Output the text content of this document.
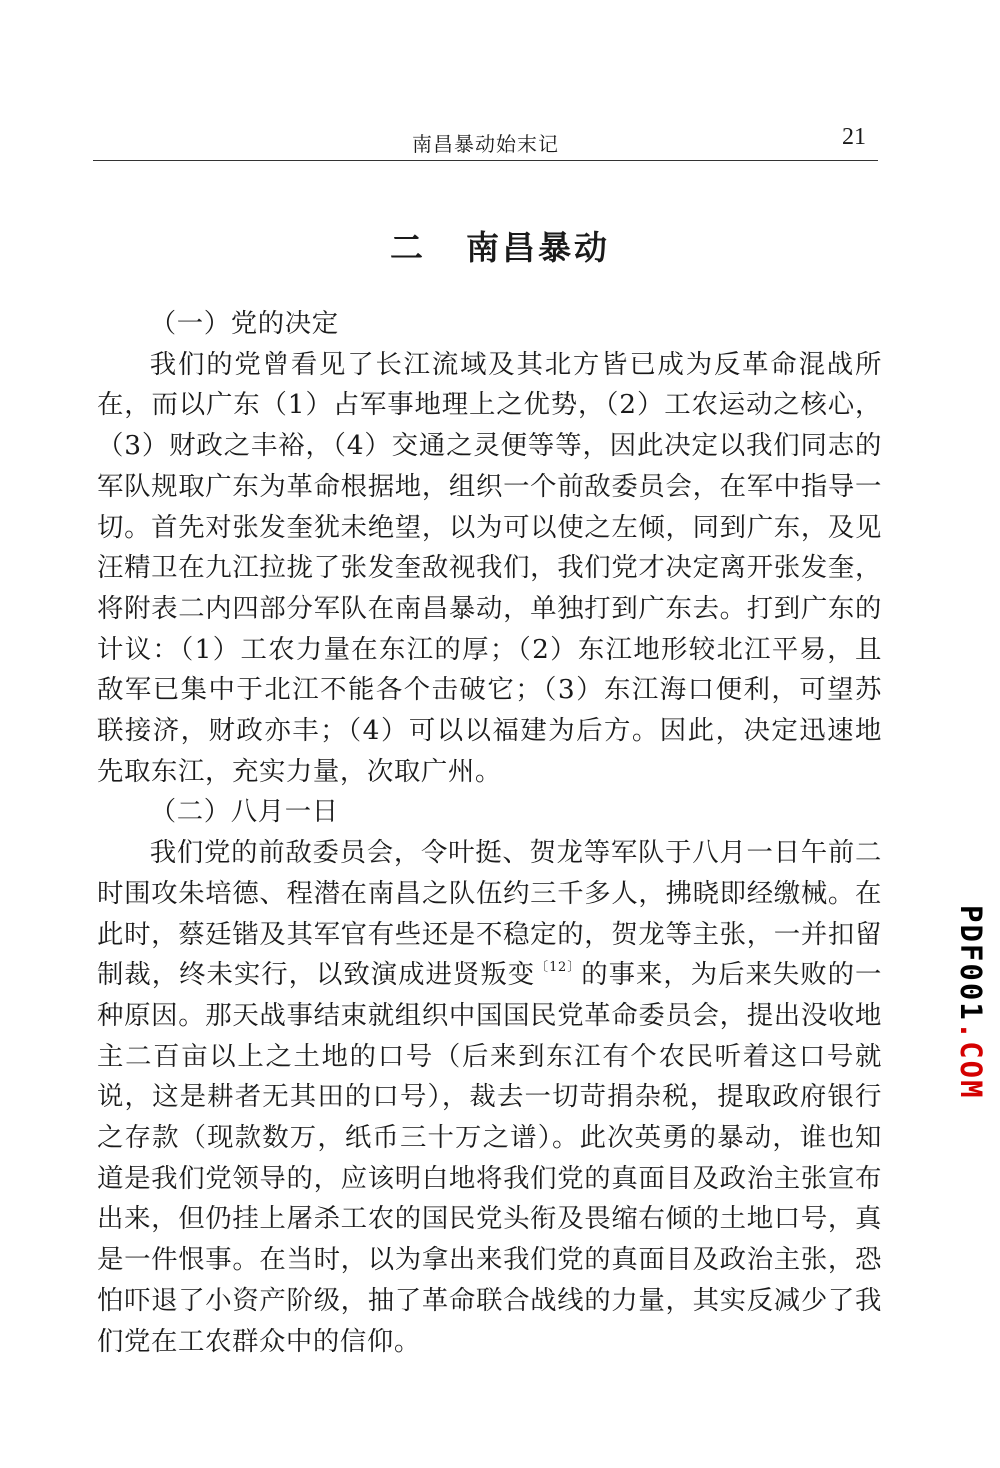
南昌暴动始末记	21
二 南昌暴动

（一）党的决定

我们的党曾看见了长江流域及其北方皆已成为反革命混战所在，而以广东（1）占军事地理上之优势，（2）工农运动之核心，（3）财政之丰裕，（4）交通之灵便等等，因此决定以我们同志的军队规取广东为革命根据地，组织一个前敌委员会，在军中指导一切。首先对张发奎犹未绝望，以为可以使之左倾，同到广东，及见汪精卫在九江拉拢了张发奎敌视我们，我们党才决定离开张发奎，将附表二内四部分军队在南昌暴动，单独打到广东去。打到广东的计议：（1）工农力量在东江的厚；（2）东江地形较北江平易，且敌军已集中于北江不能各个击破它；（3）东江海口便利，可望苏联接济，财政亦丰；（4）可以以福建为后方。因此，决定迅速地先取东江，充实力量，次取广州。

（二）八月一日

我们党的前敌委员会，令叶挺、贺龙等军队于八月一日午前二时围攻朱培德、程潜在南昌之队伍约三千多人，拂晓即经缴械。在此时，蔡廷锴及其军官有些还是不稳定的，贺龙等主张，一并扣留制裁，终未实行，以致演成进贤叛变$^{〔12〕}$的事来，为后来失败的一种原因。那天战事结束就组织中国国民党革命委员会，提出没收地主二百亩以上之土地的口号（后来到东江有个农民听着这口号就说，这是耕者无其田的口号），裁去一切苛捐杂税，提取政府银行之存款（现款数万，纸币三十万之谱）。此次英勇的暴动，谁也知道是我们党领导的，应该明白地将我们党的真面目及政治主张宣布出来，但仍挂上屠杀工农的国民党头衔及畏缩右倾的土地口号，真是一件恨事。在当时，以为拿出来我们党的真面目及政治主张，恐怕吓退了小资产阶级，抽了革命联合战线的力量，其实反减少了我们党在工农群众中的信仰。

PDF001.COM
